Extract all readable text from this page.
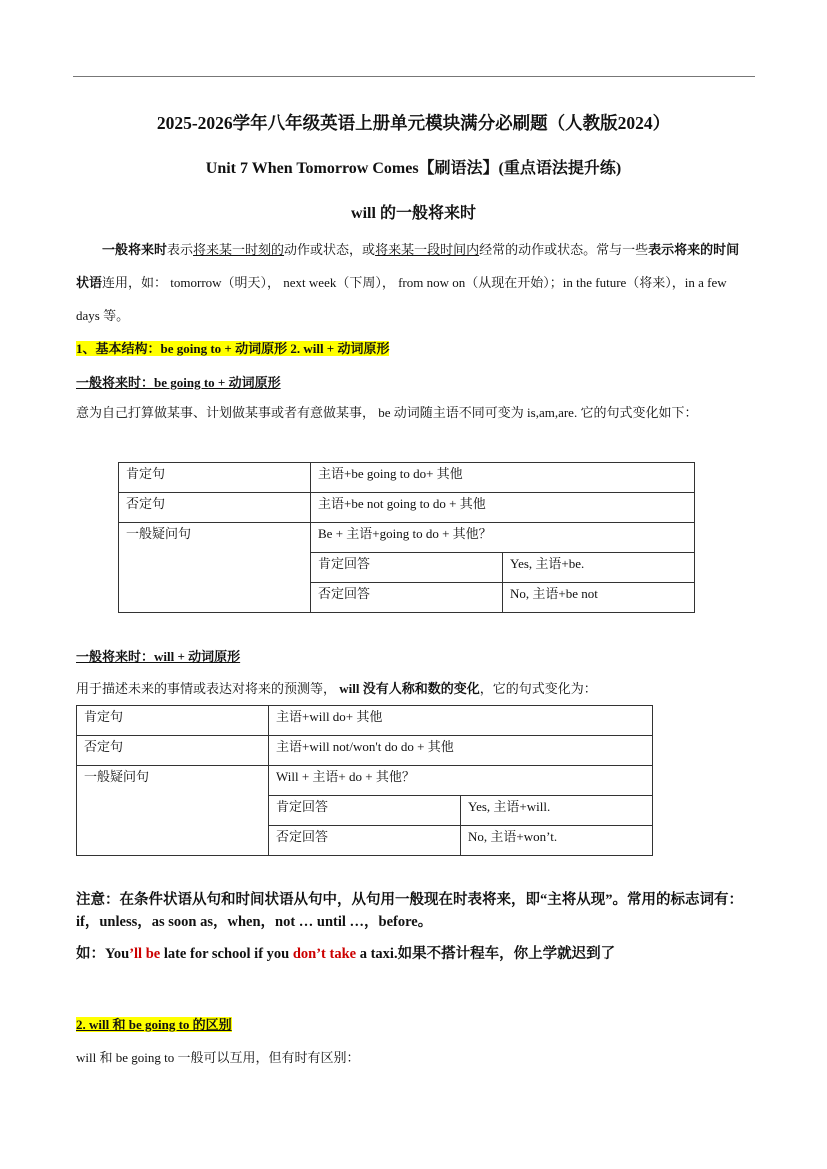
2025-2026学年八年级英语上册单元模块满分必刷题（人教版2024）
Unit 7 When Tomorrow Comes【刷语法】(重点语法提升练)
will 的一般将来时

一般将来时表示将来某一时刻的动作或状态，或将来某一段时间内经常的动作或状态。常与一些表示将来的时间状语连用，如： tomorrow（明天）， next week（下周）， from now on（从现在开始）；in the future（将来），in a few days 等。

1、基本结构：be going to + 动词原形 2. will + 动词原形

一般将来时：be going to + 动词原形

意为自己打算做某事、计划做某事或者有意做某事， be 动词随主语不同可变为 is,am,are. 它的句式变化如下：

肯定句	主语+be going to do+ 其他	
否定句	主语+be not going to do + 其他	
一般疑问句	Be + 主语+going to do + 其他？	
	肯定回答	Yes, 主语+be.
	否定回答	No, 主语+be not

一般将来时：will + 动词原形

用于描述未来的事情或表达对将来的预测等， will 没有人称和数的变化，它的句式变化为：

肯定句	主语+will do+ 其他	
否定句	主语+will not/won't do do + 其他	
一般疑问句	Will + 主语+ do + 其他？	
	肯定回答	Yes, 主语+will.
	否定回答	No, 主语+won’t.

注意：在条件状语从句和时间状语从句中，从句用一般现在时表将来，即“主将从现”。常用的标志词有：if，unless，as soon as，when，not … until …，before。

如：You’ll be late for school if you don’t take a taxi.如果不搭计程车，你上学就迟到了

2. will 和 be going to 的区别

will 和 be going to 一般可以互用，但有时有区别：
